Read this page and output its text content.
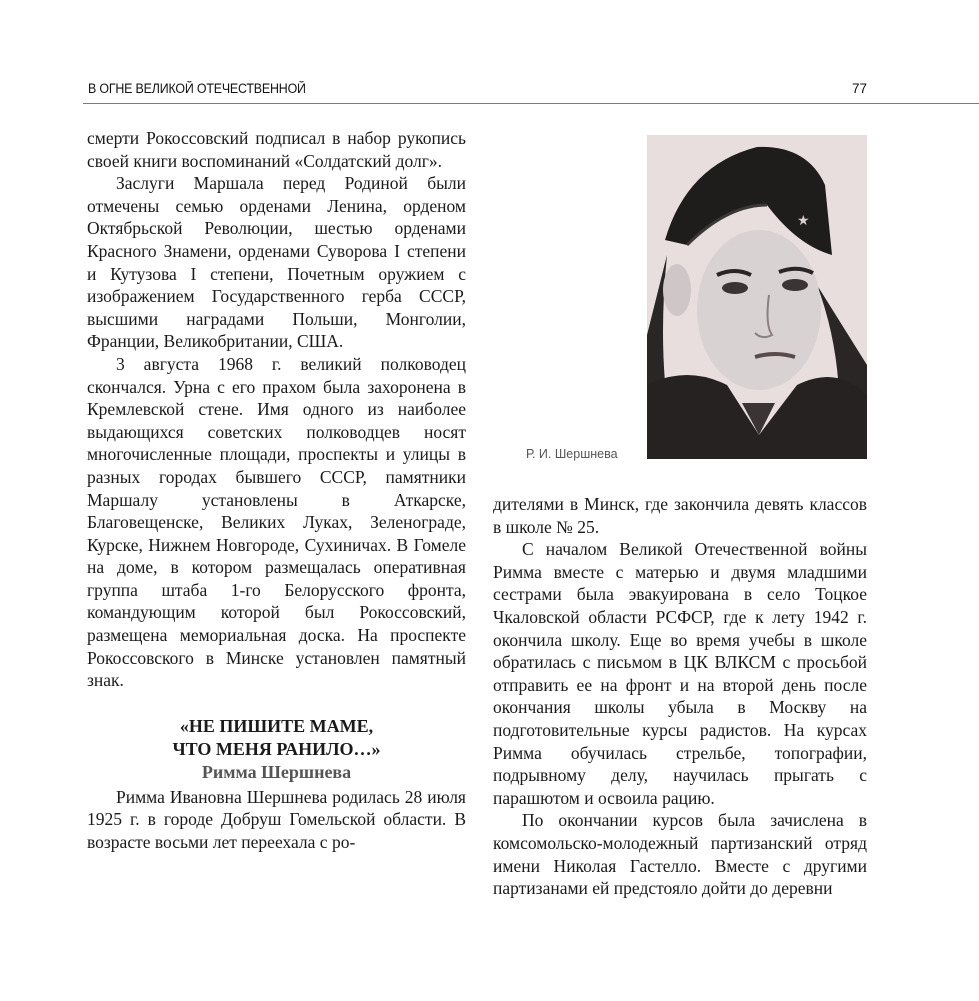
В ОГНЕ ВЕЛИКОЙ ОТЕЧЕСТВЕННОЙ	77

смерти Рокоссовский подписал в набор рукопись своей книги воспоминаний «Солдатский долг».

Заслуги Маршала перед Родиной были отмечены семью орденами Ленина, орденом Октябрьской Революции, шестью орденами Красного Знамени, орденами Суворова I степени и Кутузова I степени, Почетным оружием с изображением Государственного герба СССР, высшими наградами Польши, Монголии, Франции, Великобритании, США.

3 августа 1968 г. великий полководец скончался. Урна с его прахом была захоронена в Кремлевской стене. Имя одного из наиболее выдающихся советских полководцев носят многочисленные площади, проспекты и улицы в разных городах бывшего СССР, памятники Маршалу установлены в Аткарске, Благовещенске, Великих Луках, Зеленограде, Курске, Нижнем Новгороде, Сухиничах. В Гомеле на доме, в котором размещалась оперативная группа штаба 1-го Белорусского фронта, командующим которой был Рокоссовский, размещена мемориальная доска. На проспекте Рокоссовского в Минске установлен памятный знак.

«НЕ ПИШИТЕ МАМЕ,

ЧТО МЕНЯ РАНИЛО…»

Римма Шершнева

Римма Ивановна Шершнева родилась 28 июля 1925 г. в городе Добруш Гомельской области. В возрасте восьми лет переехала с ро-

★
Р. И. Шершнева

дителями в Минск, где закончила девять классов в школе № 25.

С началом Великой Отечественной войны Римма вместе с матерью и двумя младшими сестрами была эвакуирована в село Тоцкое Чкаловской области РСФСР, где к лету 1942 г. окончила школу. Еще во время учебы в школе обратилась с письмом в ЦК ВЛКСМ с просьбой отправить ее на фронт и на второй день после окончания школы убыла в Москву на подготовительные курсы радистов. На курсах Римма обучилась стрельбе, топографии, подрывному делу, научилась прыгать с парашютом и освоила рацию.

По окончании курсов была зачислена в комсомольско-молодежный партизанский отряд имени Николая Гастелло. Вместе с другими партизанами ей предстояло дойти до деревни
